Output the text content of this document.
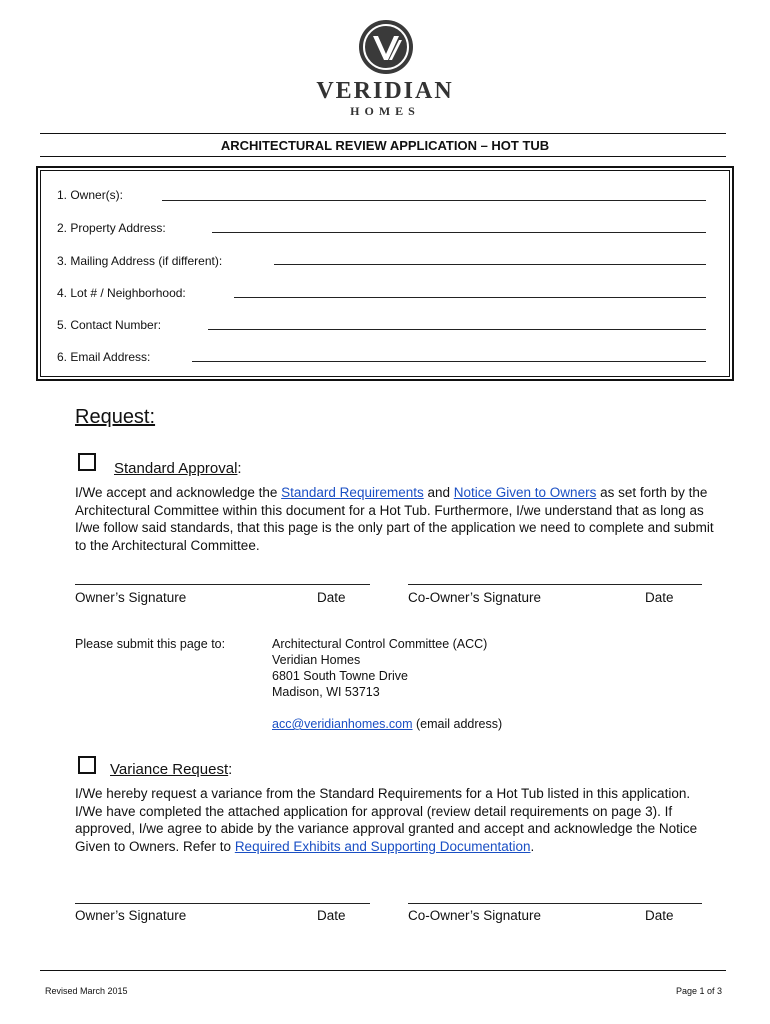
VERIDIAN
HOMES
ARCHITECTURAL REVIEW APPLICATION – HOT TUB
1. Owner(s):
2. Property Address:
3. Mailing Address (if different):
4. Lot # / Neighborhood:
5. Contact Number:
6. Email Address:
Request:
Standard Approval:
I/We accept and acknowledge the Standard Requirements and Notice Given to Owners as set forth by the Architectural Committee within this document for a Hot Tub. Furthermore, I/we understand that as long as I/we follow said standards, that this page is the only part of the application we need to complete and submit to the Architectural Committee.
Owner’s Signature	Date	Co-Owner’s Signature	Date
Please submit this page to:	Architectural Control Committee (ACC)
Veridian Homes
6801 South Towne Drive
Madison, WI 53713
acc@veridianhomes.com (email address)
Variance Request:
I/We hereby request a variance from the Standard Requirements for a Hot Tub listed in this application. I/We have completed the attached application for approval (review detail requirements on page 3). If approved, I/we agree to abide by the variance approval granted and accept and acknowledge the Notice Given to Owners. Refer to Required Exhibits and Supporting Documentation.
Owner’s Signature	Date	Co-Owner’s Signature	Date
Revised March 2015	Page 1 of 3
